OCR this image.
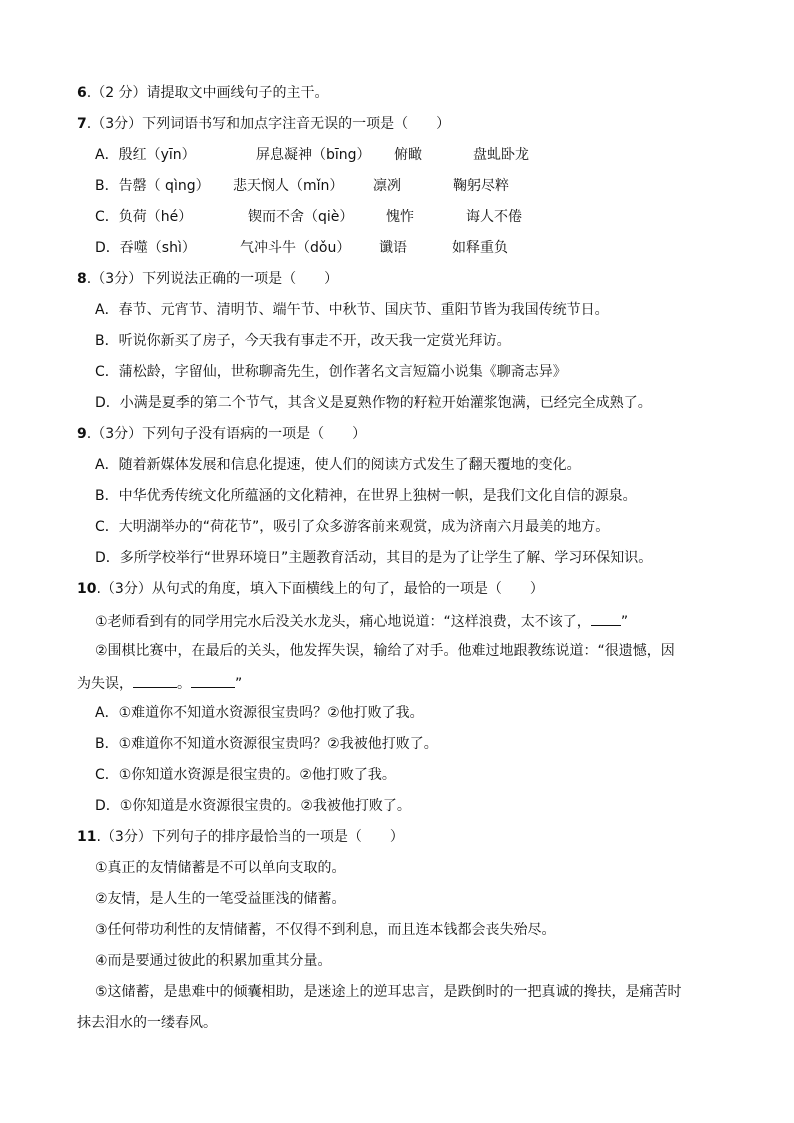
6.（2 分）请提取文中画线句子的主干。
7.（3分）下列词语书写和加点字注音无误的一项是（　　）
A．殷红（yīn）	屏息凝神（bīng） 俯瞰	盘虬卧龙
B．告罄（ qìng） 悲天悯人（mǐn） 凛冽	鞠躬尽粹
C．负荷（hé）	锲而不舍（qiè） 愧怍	诲人不倦
D．吞噬（shì）	气冲斗牛（dǒu） 谶语	如释重负
8.（3分）下列说法正确的一项是（　　）
A．春节、元宵节、清明节、端午节、中秋节、国庆节、重阳节皆为我国传统节日。
B．听说你新买了房子，今天我有事走不开，改天我一定赏光拜访。
C．蒲松龄，字留仙，世称聊斋先生，创作著名文言短篇小说集《聊斋志异》
D．小满是夏季的第二个节气，其含义是夏熟作物的籽粒开始灌浆饱满，已经完全成熟了。
9.（3分）下列句子没有语病的一项是（　　）
A．随着新媒体发展和信息化提速，使人们的阅读方式发生了翻天覆地的变化。
B．中华优秀传统文化所蕴涵的文化精神，在世界上独树一帜，是我们文化自信的源泉。
C．大明湖举办的“荷花节”，吸引了众多游客前来观赏，成为济南六月最美的地方。
D．多所学校举行“世界环境日”主题教育活动，其目的是为了让学生了解、学习环保知识。
10.（3分）从句式的角度，填入下面横线上的句了，最恰的一项是（　　）
①老师看到有的同学用完水后没关水龙头，痛心地说道：“这样浪费，太不该了， ”
②围棋比赛中，在最后的关头，他发挥失误，输给了对手。他难过地跟教练说道：“很遗憾，因
为失误，	。	”
A．①难道你不知道水资源很宝贵吗？②他打败了我。
B．①难道你不知道水资源很宝贵吗？②我被他打败了。
C．①你知道水资源是很宝贵的。②他打败了我。
D．①你知道是水资源很宝贵的。②我被他打败了。
11.（3分）下列句子的排序最恰当的一项是（　　）
①真正的友情储蓄是不可以单向支取的。
②友情，是人生的一笔受益匪浅的储蓄。
③任何带功利性的友情储蓄，不仅得不到利息，而且连本钱都会丧失殆尽。
④而是要通过彼此的积累加重其分量。
⑤这储蓄，是患难中的倾囊相助，是迷途上的逆耳忠言，是跌倒时的一把真诚的搀扶，是痛苦时
抹去泪水的一缕春风。
